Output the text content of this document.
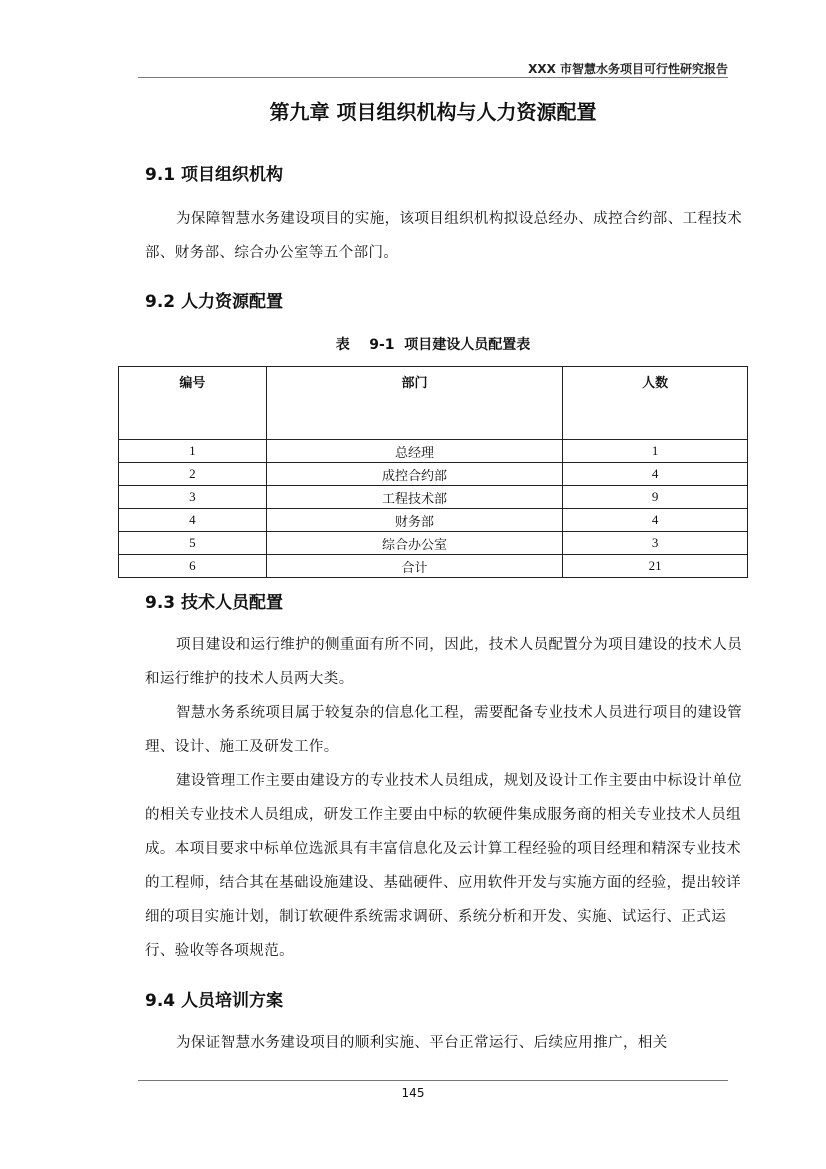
XXX 市智慧水务项目可行性研究报告
第九章 项目组织机构与人力资源配置
9.1 项目组织机构

为保障智慧水务建设项目的实施，该项目组织机构拟设总经办、成控合约部、工程技术部、财务部、综合办公室等五个部门。

9.2 人力资源配置
表 9-1 项目建设人员配置表
编号	部门	人数
1	总经理	1
2	成控合约部	4
3	工程技术部	9
4	财务部	4
5	综合办公室	3
6	合计	21
9.3 技术人员配置

项目建设和运行维护的侧重面有所不同，因此，技术人员配置分为项目建设的技术人员和运行维护的技术人员两大类。

智慧水务系统项目属于较复杂的信息化工程，需要配备专业技术人员进行项目的建设管理、设计、施工及研发工作。

建设管理工作主要由建设方的专业技术人员组成，规划及设计工作主要由中标设计单位的相关专业技术人员组成，研发工作主要由中标的软硬件集成服务商的相关专业技术人员组成。本项目要求中标单位选派具有丰富信息化及云计算工程经验的项目经理和精深专业技术的工程师，结合其在基础设施建设、基础硬件、应用软件开发与实施方面的经验，提出较详细的项目实施计划，制订软硬件系统需求调研、系统分析和开发、实施、试运行、正式运行、验收等各项规范。

9.4 人员培训方案

为保证智慧水务建设项目的顺利实施、平台正常运行、后续应用推广，相关

145
